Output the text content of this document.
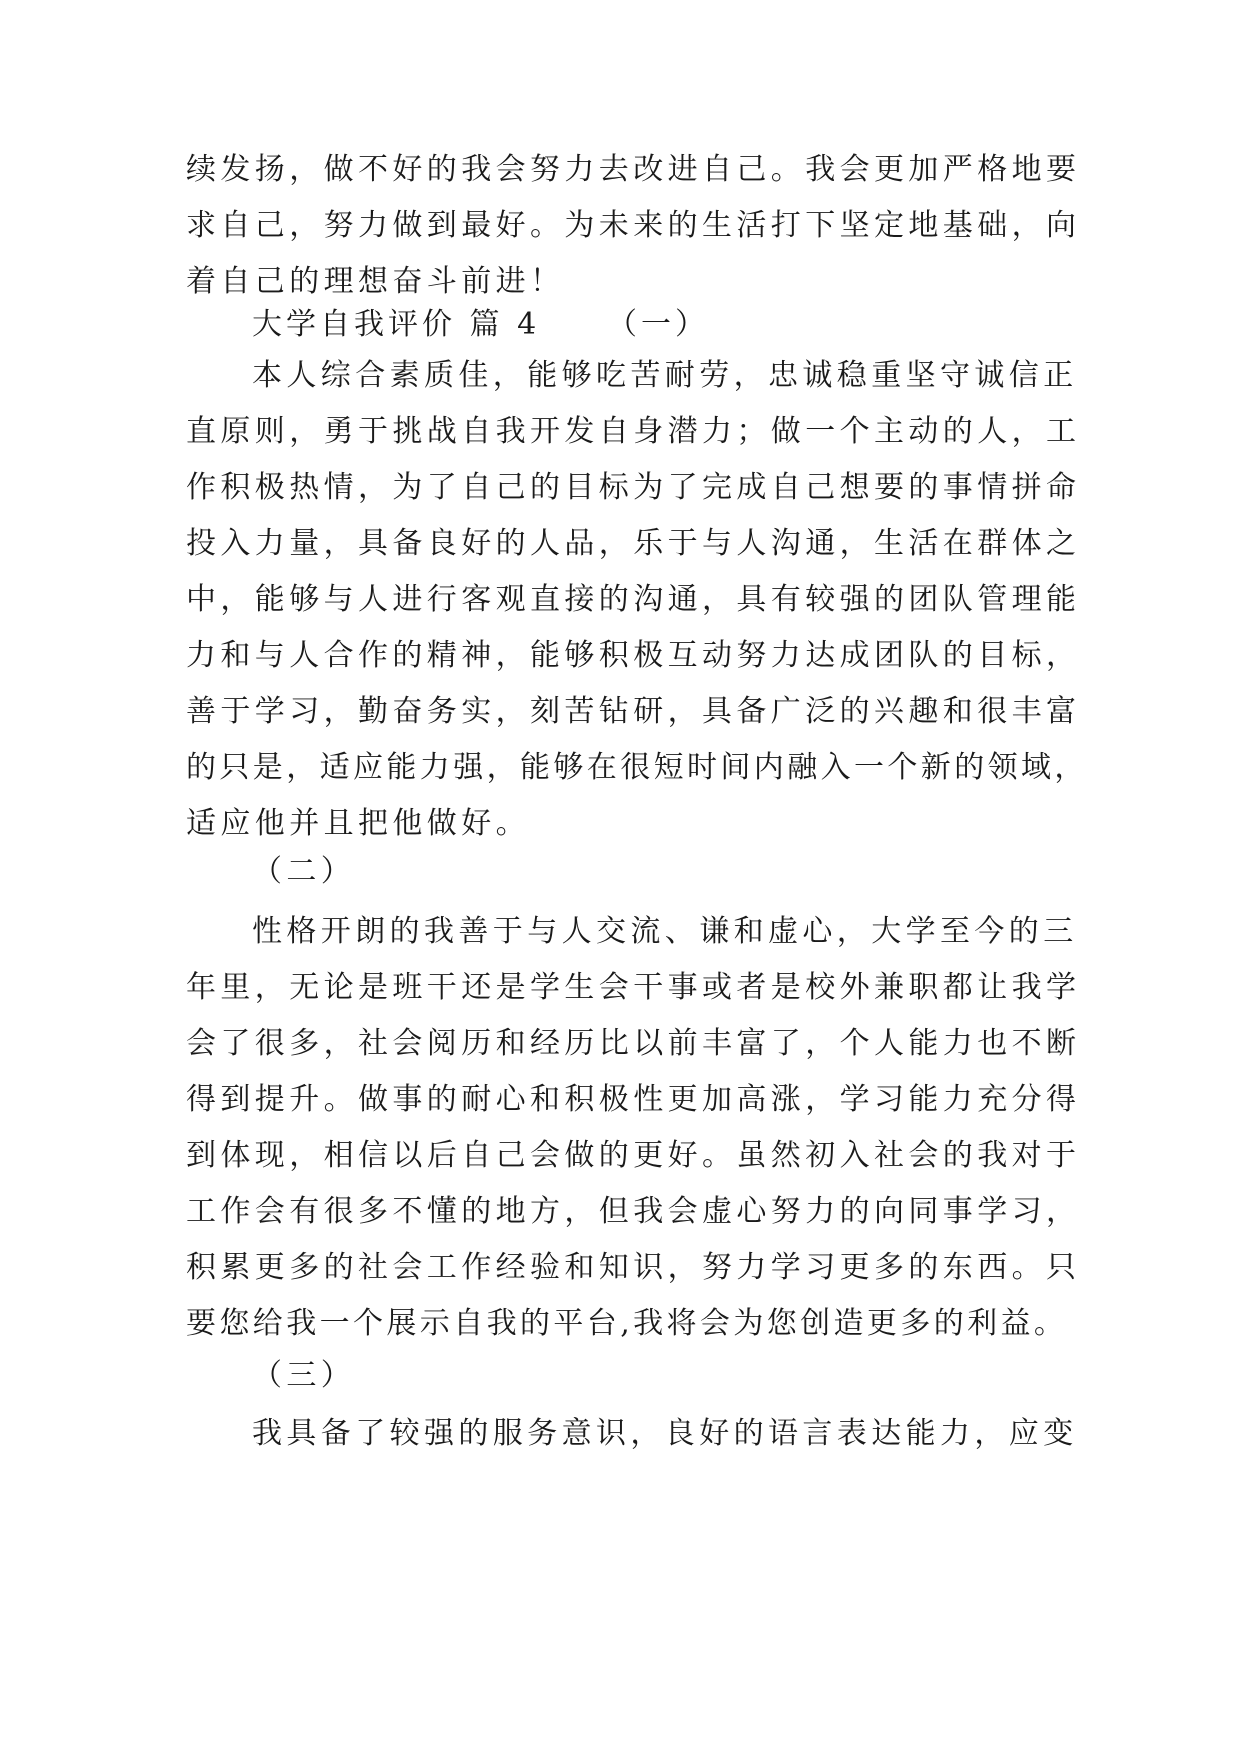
续发扬，做不好的我会努力去改进自己。我会更加严格地要
求自己，努力做到最好。为未来的生活打下坚定地基础，向
着自己的理想奋斗前进！
大学自我评价 篇 4 （一）
本人综合素质佳，能够吃苦耐劳，忠诚稳重坚守诚信正
直原则，勇于挑战自我开发自身潜力；做一个主动的人，工
作积极热情，为了自己的目标为了完成自己想要的事情拼命
投入力量，具备良好的人品，乐于与人沟通，生活在群体之
中，能够与人进行客观直接的沟通，具有较强的团队管理能
力和与人合作的精神，能够积极互动努力达成团队的目标，
善于学习，勤奋务实，刻苦钻研，具备广泛的兴趣和很丰富
的只是，适应能力强，能够在很短时间内融入一个新的领域，
适应他并且把他做好。
（二）
性格开朗的我善于与人交流、谦和虚心，大学至今的三
年里，无论是班干还是学生会干事或者是校外兼职都让我学
会了很多，社会阅历和经历比以前丰富了，个人能力也不断
得到提升。做事的耐心和积极性更加高涨，学习能力充分得
到体现，相信以后自己会做的更好。虽然初入社会的我对于
工作会有很多不懂的地方，但我会虚心努力的向同事学习，
积累更多的社会工作经验和知识，努力学习更多的东西。只
要您给我一个展示自我的平台,我将会为您创造更多的利益。
（三）
我具备了较强的服务意识，良好的语言表达能力，应变
